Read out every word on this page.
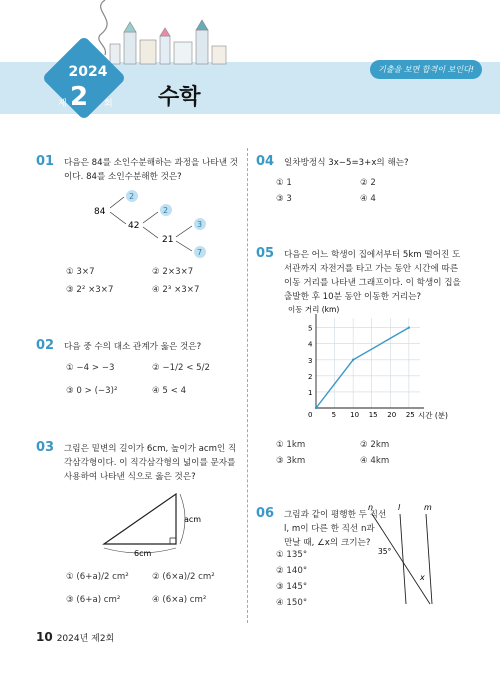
기출을 보면 합격이 보인다!
2024
제 2 회 수학
01 다음은 84를 소인수분해하는 과정을 나타낸 것
이다. 84를 소인수분해한 것은?
84
2
42
2
21
3
7
① 3×7	② 2×3×7
③ 2² ×3×7	④ 2³ ×3×7
02 다음 중 수의 대소 관계가 옳은 것은?
① −4 > −3	② −1/2 < 5/2
③ 0 > (−3)²	④ 5 < 4
03 그림은 밑변의 길이가 6cm, 높이가 acm인 직
각삼각형이다. 이 직각삼각형의 넓이를 문자를
사용하여 나타낸 식으로 옳은 것은?
6cm
acm
① (6+a)/2 cm²	② (6×a)/2 cm²
③ (6+a) cm²	④ (6×a) cm²
04 일차방정식 3x−5=3+x의 해는?
① 1	② 2
③ 3	④ 4
05 다음은 어느 학생이 집에서부터 5km 떨어진 도
서관까지 자전거를 타고 가는 동안 시간에 따른
이동 거리를 나타낸 그래프이다. 이 학생이 집을
출발한 후 10분 동안 이동한 거리는?
이동 거리 (km)
5 10 15 20 25
1
2
3
4
5
0	시간 (분)
① 1km	② 2km
③ 3km	④ 4km
06 그림과 같이 평행한 두 직선
l, m이 다른 한 직선 n과
만날 때, ∠x의 크기는?
n	l	m
35°
x
① 135°
② 140°
③ 145°
④ 150°
10 2024년 제2회
